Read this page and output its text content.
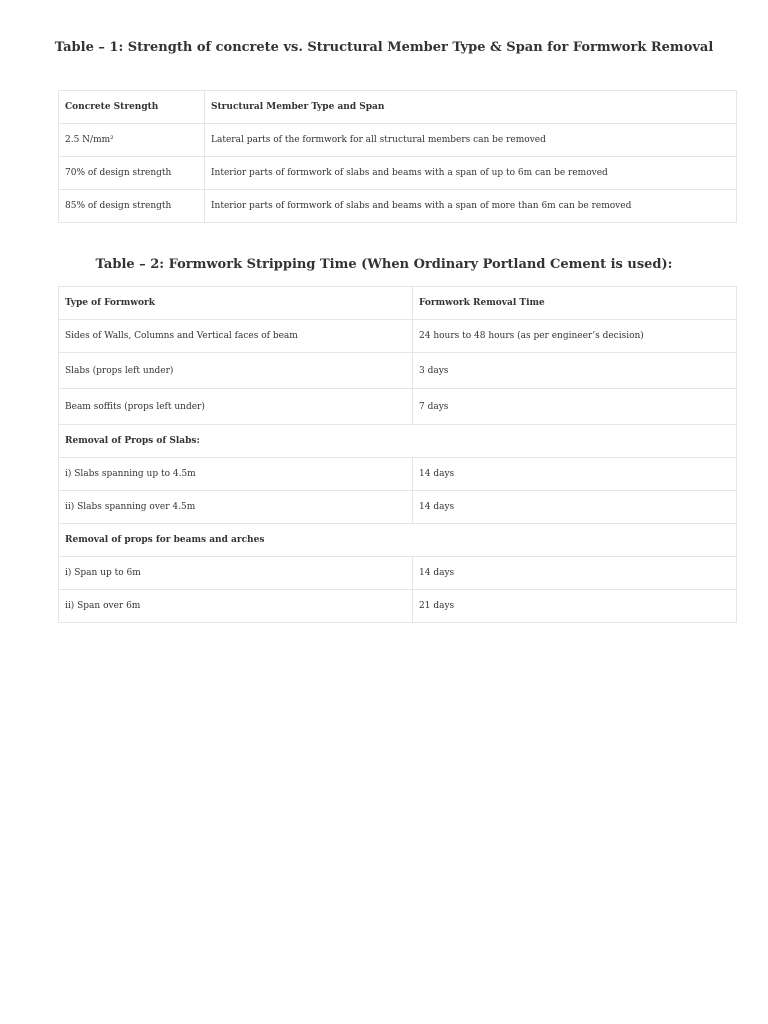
Table – 1: Strength of concrete vs. Structural Member Type & Span for Formwork Removal
Concrete Strength	Structural Member Type and Span
2.5 N/mm²	Lateral parts of the formwork for all structural members can be removed
70% of design strength	Interior parts of formwork of slabs and beams with a span of up to 6m can be removed
85% of design strength	Interior parts of formwork of slabs and beams with a span of more than 6m can be removed
Table – 2: Formwork Stripping Time (When Ordinary Portland Cement is used):
Type of Formwork	Formwork Removal Time
Sides of Walls, Columns and Vertical faces of beam	24 hours to 48 hours (as per engineer’s decision)
Slabs (props left under)	3 days
Beam soffits (props left under)	7 days
Removal of Props of Slabs:	
i) Slabs spanning up to 4.5m	14 days
ii) Slabs spanning over 4.5m	14 days
Removal of props for beams and arches	
i) Span up to 6m	14 days
ii) Span over 6m	21 days
